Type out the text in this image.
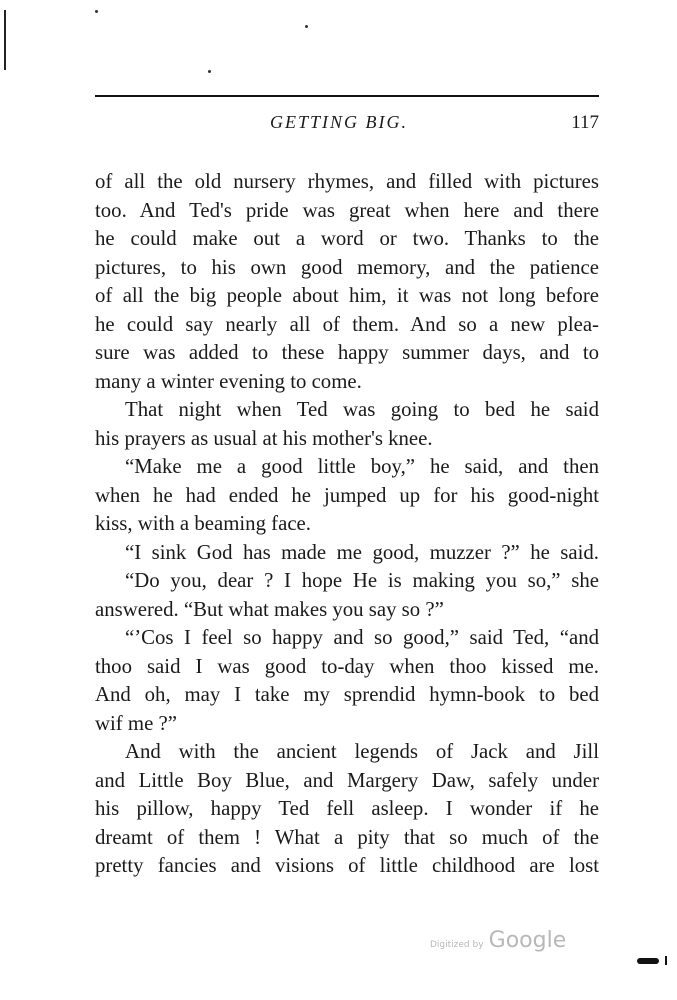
GETTING BIG.	117
of all the old nursery rhymes, and filled with pictures
too. And Ted's pride was great when here and there
he could make out a word or two. Thanks to the
pictures, to his own good memory, and the patience
of all the big people about him, it was not long before
he could say nearly all of them. And so a new plea-
sure was added to these happy summer days, and to
many a winter evening to come.
That night when Ted was going to bed he said
his prayers as usual at his mother's knee.
“Make me a good little boy,” he said, and then
when he had ended he jumped up for his good-night
kiss, with a beaming face.
“I sink God has made me good, muzzer ?” he said.
“Do you, dear ? I hope He is making you so,” she
answered. “But what makes you say so ?”
“’Cos I feel so happy and so good,” said Ted, “and
thoo said I was good to-day when thoo kissed me.
And oh, may I take my sprendid hymn-book to bed
wif me ?”
And with the ancient legends of Jack and Jill
and Little Boy Blue, and Margery Daw, safely under
his pillow, happy Ted fell asleep. I wonder if he
dreamt of them ! What a pity that so much of the
pretty fancies and visions of little childhood are lost
Digitized by Google
